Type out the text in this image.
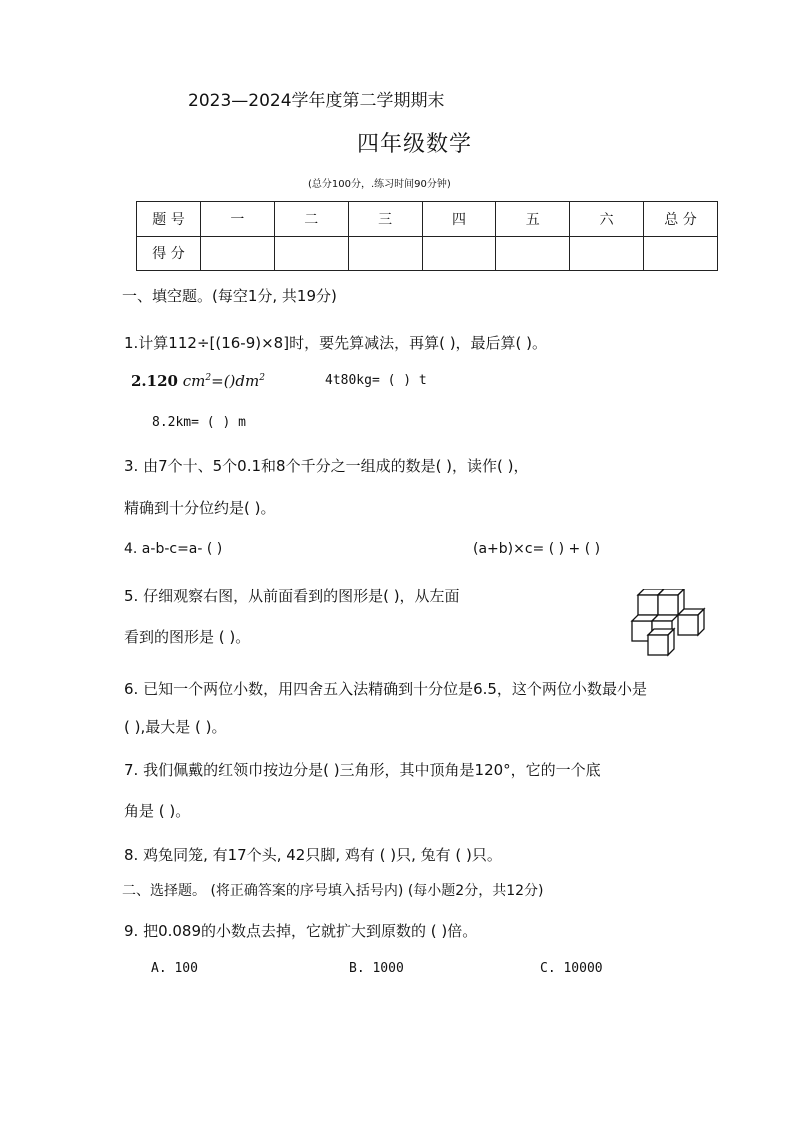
2023—2024学年度第二学期期末
四年级数学
(总分100分，.练习时间90分钟)
题 号	一	二	三	四	五	六	总 分
得 分							
一、填空题。(每空1分, 共19分)
1.计算112÷[(16-9)×8]时，要先算减法，再算( )，最后算( )。
2.120 $cm^2=()dm^2$	4t80kg= ( ) t
8.2km= ( ) m
3. 由7个十、5个0.1和8个千分之一组成的数是( )，读作( )，
精确到十分位约是( )。
4. a-b-c=a- ( )	(a+b)×c= ( ) + ( )
5. 仔细观察右图，从前面看到的图形是( )，从左面
看到的图形是 ( )。
6. 已知一个两位小数，用四舍五入法精确到十分位是6.5，这个两位小数最小是
( ),最大是 ( )。
7. 我们佩戴的红领巾按边分是( )三角形，其中顶角是120°，它的一个底
角是 ( )。
8. 鸡兔同笼, 有17个头, 42只脚, 鸡有 ( )只, 兔有 ( )只。
二、选择题。 (将正确答案的序号填入括号内) (每小题2分，共12分)
9. 把0.089的小数点去掉，它就扩大到原数的 ( )倍。
A. 100	B. 1000	C. 10000
